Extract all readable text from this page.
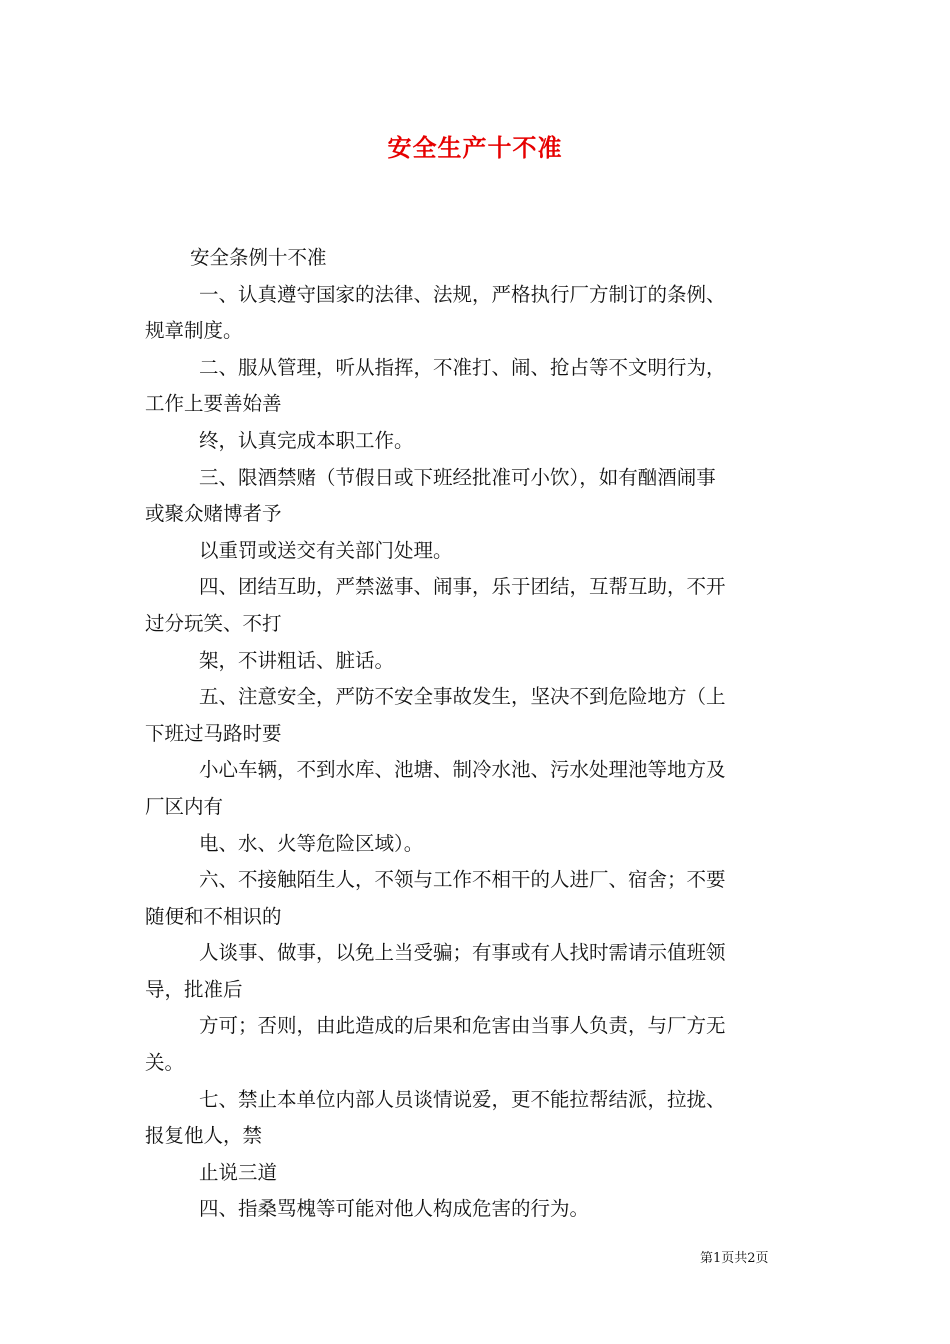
安全生产十不准
安全条例十不准
一、认真遵守国家的法律、法规，严格执行厂方制订的条例、
规章制度。
二、服从管理，听从指挥，不准打、闹、抢占等不文明行为，
工作上要善始善
终，认真完成本职工作。
三、限酒禁赌（节假日或下班经批准可小饮），如有酗酒闹事
或聚众赌博者予
以重罚或送交有关部门处理。
四、团结互助，严禁滋事、闹事，乐于团结，互帮互助，不开
过分玩笑、不打
架，不讲粗话、脏话。
五、注意安全，严防不安全事故发生，坚决不到危险地方（上
下班过马路时要
小心车辆，不到水库、池塘、制冷水池、污水处理池等地方及
厂区内有
电、水、火等危险区域）。
六、不接触陌生人，不领与工作不相干的人进厂、宿舍；不要
随便和不相识的
人谈事、做事，以免上当受骗；有事或有人找时需请示值班领
导，批准后
方可；否则，由此造成的后果和危害由当事人负责，与厂方无
关。
七、禁止本单位内部人员谈情说爱，更不能拉帮结派，拉拢、
报复他人，禁
止说三道
四、指桑骂槐等可能对他人构成危害的行为。
第1页共2页
